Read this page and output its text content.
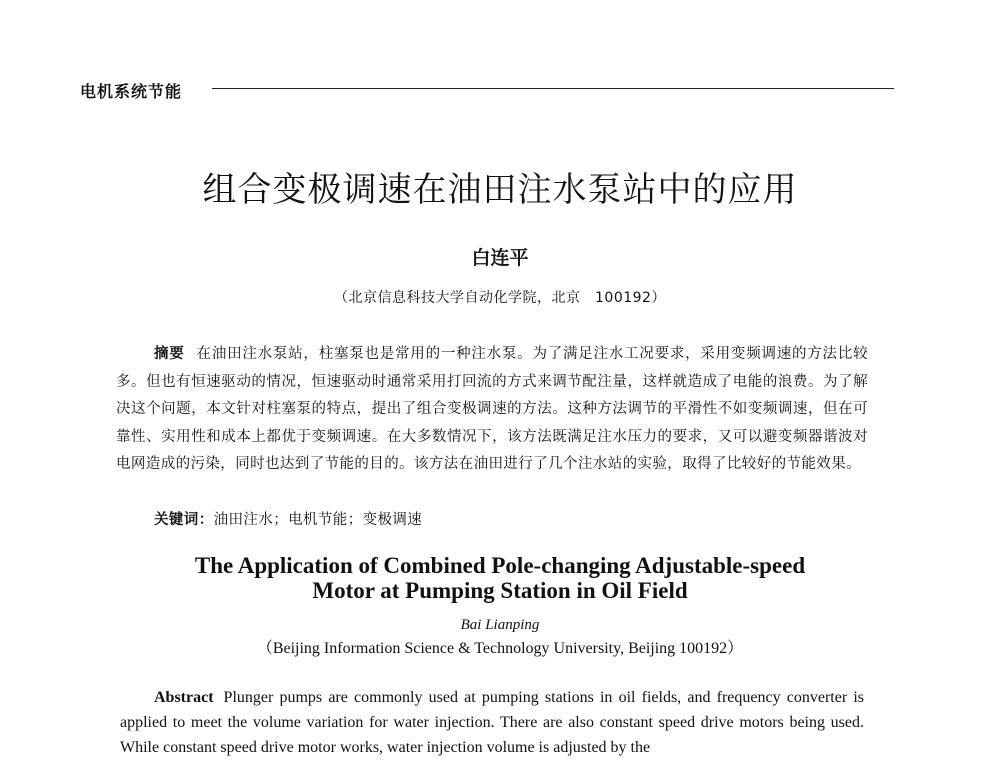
电机系统节能
组合变极调速在油田注水泵站中的应用
白连平
（北京信息科技大学自动化学院，北京　100192）
摘要 在油田注水泵站，柱塞泵也是常用的一种注水泵。为了满足注水工况要求，采用变频调速的方法比较多。但也有恒速驱动的情况，恒速驱动时通常采用打回流的方式来调节配注量，这样就造成了电能的浪费。为了解决这个问题，本文针对柱塞泵的特点，提出了组合变极调速的方法。这种方法调节的平滑性不如变频调速，但在可靠性、实用性和成本上都优于变频调速。在大多数情况下，该方法既满足注水压力的要求，又可以避变频器谐波对电网造成的污染，同时也达到了节能的目的。该方法在油田进行了几个注水站的实验，取得了比较好的节能效果。
关键词：油田注水；电机节能；变极调速
The Application of Combined Pole-changing Adjustable-speed
Motor at Pumping Station in Oil Field
Bai Lianping
（Beijing Information Science & Technology University, Beijing 100192）
Abstract Plunger pumps are commonly used at pumping stations in oil fields, and frequency converter is applied to meet the volume variation for water injection. There are also constant speed drive motors being used. While constant speed drive motor works, water injection volume is adjusted by the
